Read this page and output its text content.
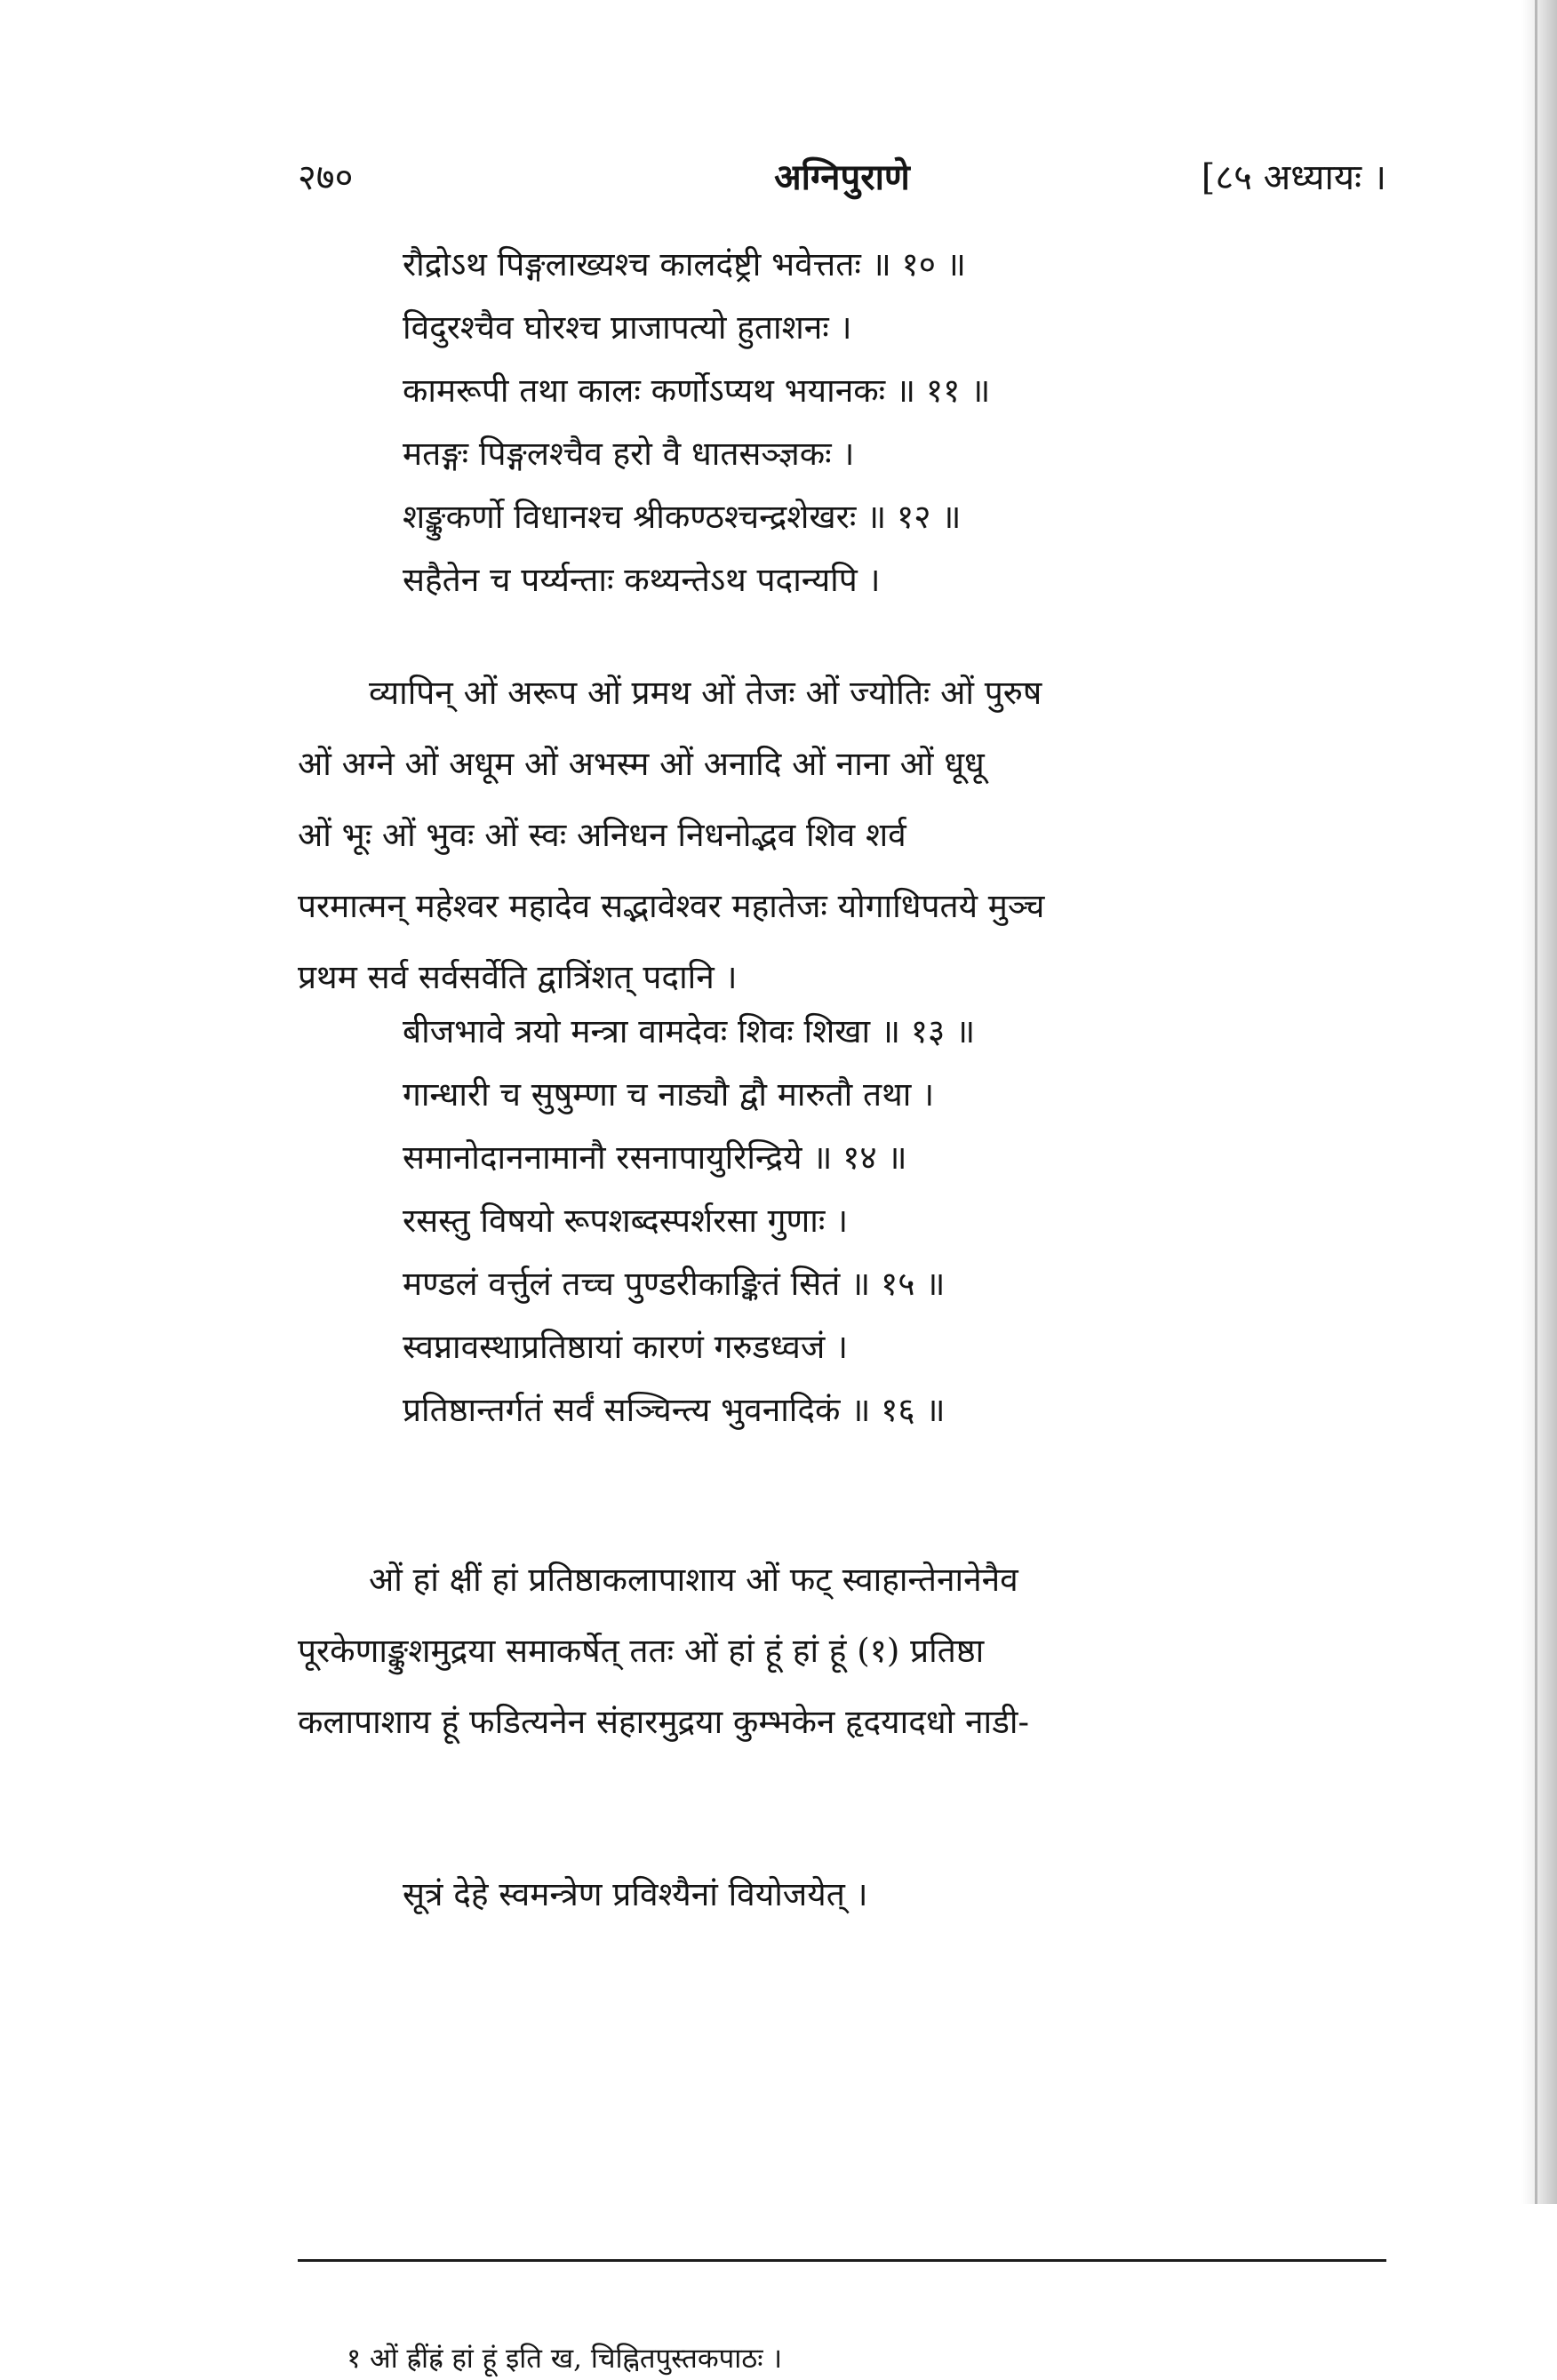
२७०	अग्निपुराणे	[८५ अध्यायः ।
रौद्रोऽथ पिङ्गलाख्यश्च कालदंष्ट्री भवेत्ततः ॥ १० ॥
विदुरश्चैव घोरश्च प्राजापत्यो हुताशनः ।
कामरूपी तथा कालः कर्णोऽप्यथ भयानकः ॥ ११ ॥
मतङ्गः पिङ्गलश्चैव हरो वै धातसञ्ज्ञकः ।
शङ्कुकर्णो विधानश्च श्रीकण्ठश्चन्द्रशेखरः ॥ १२ ॥
सहैतेन च पर्य्यन्ताः कथ्यन्तेऽथ पदान्यपि ।
व्यापिन् ओं अरूप ओं प्रमथ ओं तेजः ओं ज्योतिः ओं पुरुष
ओं अग्ने ओं अधूम ओं अभस्म ओं अनादि ओं नाना ओं धूधू
ओं भूः ओं भुवः ओं स्वः अनिधन निधनोद्भव शिव शर्व
परमात्मन् महेश्वर महादेव सद्भावेश्वर महातेजः योगाधिपतये मुञ्च
प्रथम सर्व सर्वसर्वेति द्वात्रिंशत् पदानि ।
बीजभावे त्रयो मन्त्रा वामदेवः शिवः शिखा ॥ १३ ॥
गान्धारी च सुषुम्णा च नाड्यौ द्वौ मारुतौ तथा ।
समानोदाननामानौ रसनापायुरिन्द्रिये ॥ १४ ॥
रसस्तु विषयो रूपशब्दस्पर्शरसा गुणाः ।
मण्डलं वर्त्तुलं तच्च पुण्डरीकाङ्कितं सितं ॥ १५ ॥
स्वप्नावस्थाप्रतिष्ठायां कारणं गरुडध्वजं ।
प्रतिष्ठान्तर्गतं सर्वं सञ्चिन्त्य भुवनादिकं ॥ १६ ॥
सूत्रं देहे स्वमन्त्रेण प्रविश्यैनां वियोजयेत् ।
ओं हां क्षीं हां प्रतिष्ठाकलापाशाय ओं फट् स्वाहान्तेनानेनैव
पूरकेणाङ्कुशमुद्रया समाकर्षेत् ततः ओं हां हूं हां हूं (१) प्रतिष्ठा
कलापाशाय हूं फडित्यनेन संहारमुद्रया कुम्भकेन हृदयादधो नाडी-
१ ओं ह्रींह्रं हां हूं इति ख, चिह्नितपुस्तकपाठः ।
